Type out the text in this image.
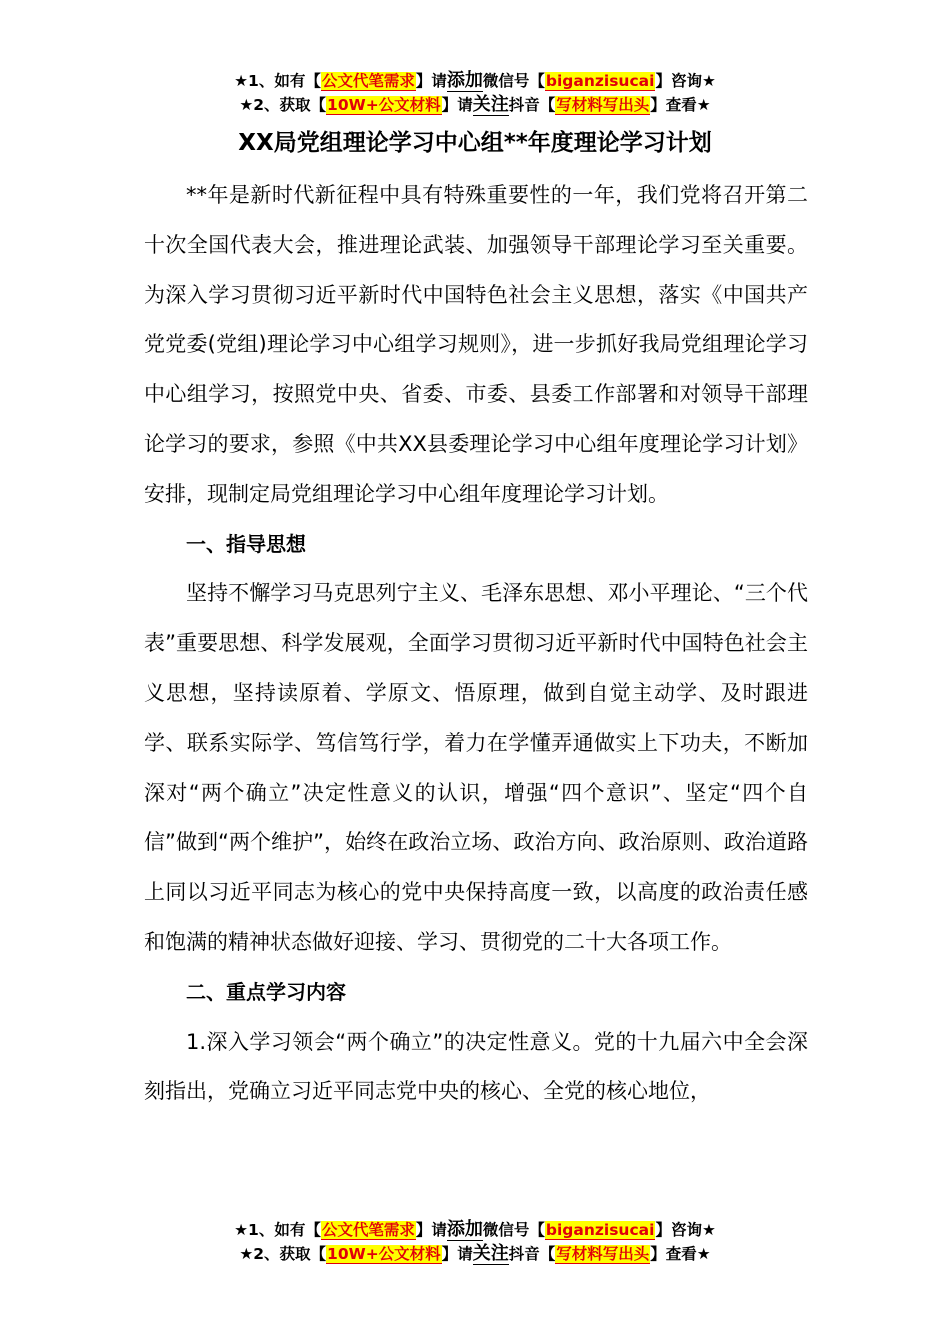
★1、如有【公文代笔需求】请添加微信号【biganzisucai】咨询★
★2、获取【10W+公文材料】请关注抖音【写材料写出头】查看★
XX局党组理论学习中心组**年度理论学习计划

**年是新时代新征程中具有特殊重要性的一年，我们党将召开第二十次全国代表大会，推进理论武装、加强领导干部理论学习至关重要。为深入学习贯彻习近平新时代中国特色社会主义思想，落实《中国共产党党委(党组)理论学习中心组学习规则》，进一步抓好我局党组理论学习中心组学习，按照党中央、省委、市委、县委工作部署和对领导干部理论学习的要求，参照《中共XX县委理论学习中心组年度理论学习计划》安排，现制定局党组理论学习中心组年度理论学习计划。

一、指导思想

坚持不懈学习马克思列宁主义、毛泽东思想、邓小平理论、“三个代表”重要思想、科学发展观，全面学习贯彻习近平新时代中国特色社会主义思想，坚持读原着、学原文、悟原理，做到自觉主动学、及时跟进学、联系实际学、笃信笃行学，着力在学懂弄通做实上下功夫，不断加深对“两个确立”决定性意义的认识，增强“四个意识”、坚定“四个自信”做到“两个维护”，始终在政治立场、政治方向、政治原则、政治道路上同以习近平同志为核心的党中央保持高度一致，以高度的政治责任感和饱满的精神状态做好迎接、学习、贯彻党的二十大各项工作。

二、重点学习内容

1.深入学习领会“两个确立”的决定性意义。党的十九届六中全会深刻指出，党确立习近平同志党中央的核心、全党的核心地位，

★1、如有【公文代笔需求】请添加微信号【biganzisucai】咨询★
★2、获取【10W+公文材料】请关注抖音【写材料写出头】查看★
